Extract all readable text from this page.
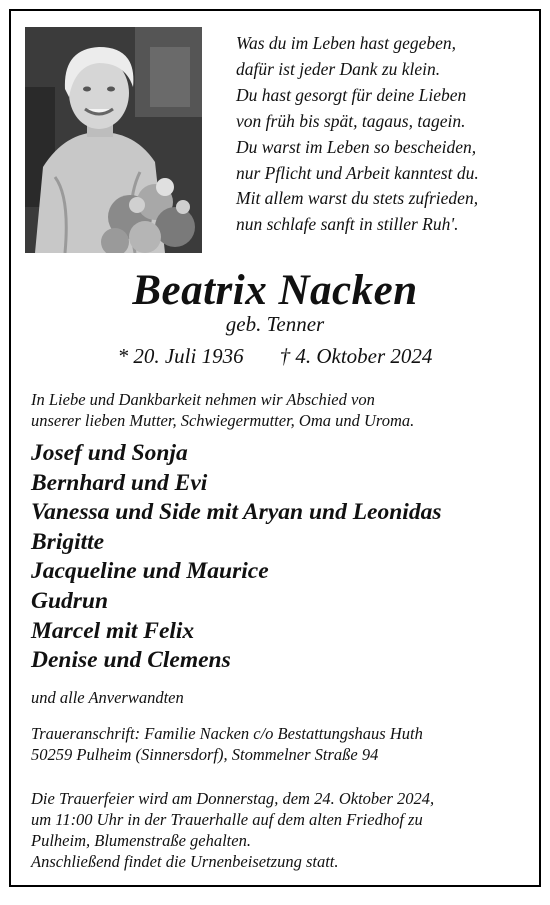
Was du im Leben hast gegeben,
dafür ist jeder Dank zu klein.
Du hast gesorgt für deine Lieben
von früh bis spät, tagaus, tagein.
Du warst im Leben so bescheiden,
nur Pflicht und Arbeit kanntest du.
Mit allem warst du stets zufrieden,
nun schlafe sanft in stiller Ruh'.
Beatrix Nacken
geb. Tenner
* 20. Juli 1936 † 4. Oktober 2024
In Liebe und Dankbarkeit nehmen wir Abschied von
unserer lieben Mutter, Schwiegermutter, Oma und Uroma.
Josef und Sonja
Bernhard und Evi
Vanessa und Side mit Aryan und Leonidas
Brigitte
Jacqueline und Maurice
Gudrun
Marcel mit Felix
Denise und Clemens
und alle Anverwandten
Traueranschrift: Familie Nacken c/o Bestattungshaus Huth
50259 Pulheim (Sinnersdorf), Stommelner Straße 94
Die Trauerfeier wird am Donnerstag, dem 24. Oktober 2024,
um 11:00 Uhr in der Trauerhalle auf dem alten Friedhof zu
Pulheim, Blumenstraße gehalten.
Anschließend findet die Urnenbeisetzung statt.
